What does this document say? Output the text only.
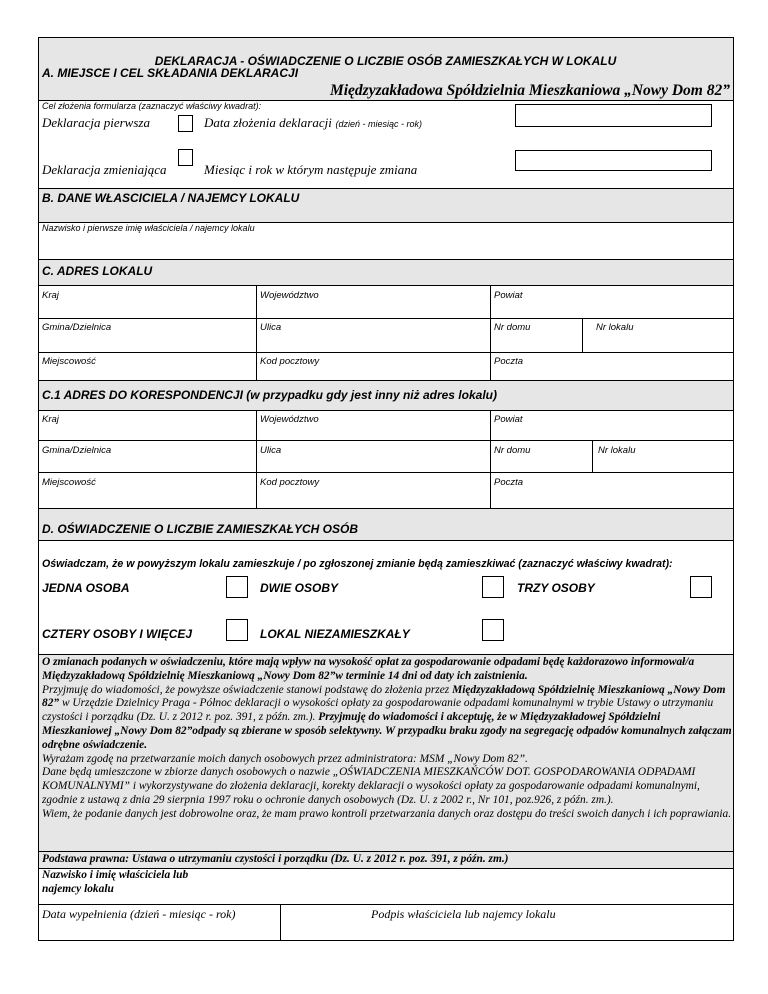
DEKLARACJA - OŚWIADCZENIE O LICZBIE OSÓB ZAMIESZKAŁYCH W LOKALU
A. MIEJSCE I CEL SKŁADANIA DEKLARACJI
Międzyzakładowa Spółdzielnia Mieszkaniowa „Nowy Dom 82”
Cel złożenia formularza (zaznaczyć właściwy kwadrat):
Deklaracja pierwsza	Data złożenia deklaracji (dzień - miesiąc - rok)
Deklaracja zmieniająca	Miesiąc i rok w którym następuje zmiana
B. DANE WŁASCICIELA / NAJEMCY LOKALU
Nazwisko i pierwsze imię właściciela / najemcy lokalu
C. ADRES LOKALU
Kraj	Województwo	Powiat
Gmina/Dzielnica	Ulica	Nr domu	Nr lokalu
Miejscowość	Kod pocztowy	Poczta
C.1 ADRES DO KORESPONDENCJI (w przypadku gdy jest inny niż adres lokalu)
Kraj	Województwo	Powiat
Gmina/Dzielnica	Ulica	Nr domu	Nr lokalu
Miejscowość	Kod pocztowy	Poczta
D. OŚWIADCZENIE O LICZBIE ZAMIESZKAŁYCH OSÓB
Oświadczam, że w powyższym lokalu zamieszkuje / po zgłoszonej zmianie będą zamieszkiwać (zaznaczyć właściwy kwadrat):
JEDNA OSOBA	DWIE OSOBY	TRZY OSOBY
CZTERY OSOBY I WIĘCEJ	LOKAL NIEZAMIESZKAŁY
O zmianach podanych w oświadczeniu, które mają wpływ na wysokość opłat za gospodarowanie odpadami będę każdorazowo informował/a Międzyzakładową Spółdzielnię Mieszkaniową „Nowy Dom 82”w terminie 14 dni od daty ich zaistnienia.
Przyjmuję do wiadomości, że powyższe oświadczenie stanowi podstawę do złożenia przez Międzyzakładową Spółdzielnię Mieszkaniową „Nowy Dom 82” w Urzędzie Dzielnicy Praga - Północ deklaracji o wysokości opłaty za gospodarowanie odpadami komunalnymi w trybie Ustawy o utrzymaniu czystości i porządku (Dz. U. z 2012 r. poz. 391, z późn. zm.). Przyjmuję do wiadomości i akceptuję, że w Międzyzakładowej Spółdzielni Mieszkaniowej „Nowy Dom 82”odpady są zbierane w sposób selektywny. W przypadku braku zgody na segregację odpadów komunalnych załączam odrębne oświadczenie.
Wyrażam zgodę na przetwarzanie moich danych osobowych przez administratora: MSM „Nowy Dom 82”.
Dane będą umieszczone w zbiorze danych osobowych o nazwie „OŚWIADCZENIA MIESZKAŃCÓW DOT. GOSPODAROWANIA ODPADAMI KOMUNALNYMI” i wykorzystywane do złożenia deklaracji, korekty deklaracji o wysokości opłaty za gospodarowanie odpadami komunalnymi, zgodnie z ustawą z dnia 29 sierpnia 1997 roku o ochronie danych osobowych (Dz. U. z 2002 r., Nr 101, poz.926, z późn. zm.).
Wiem, że podanie danych jest dobrowolne oraz, że mam prawo kontroli przetwarzania danych oraz dostępu do treści swoich danych i ich poprawiania.
Podstawa prawna: Ustawa o utrzymaniu czystości i porządku (Dz. U. z 2012 r. poz. 391, z późn. zm.)
Nazwisko i imię właściciela lub
najemcy lokalu
Data wypełnienia (dzień - miesiąc - rok)	Podpis właściciela lub najemcy lokalu
